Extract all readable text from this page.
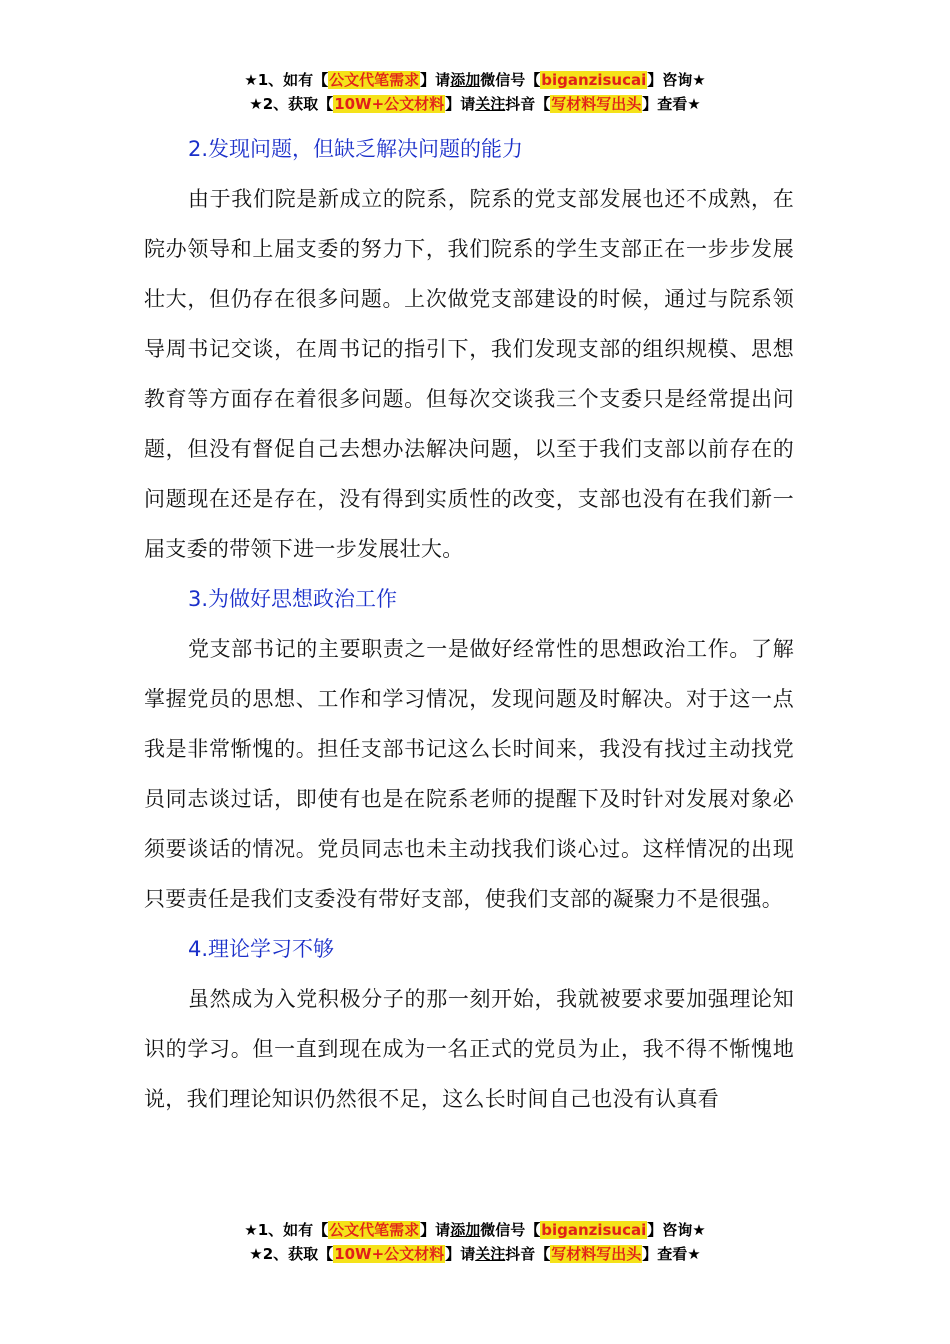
★1、如有【公文代笔需求】请添加微信号【biganzisucai】咨询★
★2、获取【10W+公文材料】请关注抖音【写材料写出头】查看★

2.发现问题，但缺乏解决问题的能力

由于我们院是新成立的院系，院系的党支部发展也还不成熟，在院办领导和上届支委的努力下，我们院系的学生支部正在一步步发展壮大，但仍存在很多问题。上次做党支部建设的时候，通过与院系领导周书记交谈，在周书记的指引下，我们发现支部的组织规模、思想教育等方面存在着很多问题。但每次交谈我三个支委只是经常提出问题，但没有督促自己去想办法解决问题，以至于我们支部以前存在的问题现在还是存在，没有得到实质性的改变，支部也没有在我们新一届支委的带领下进一步发展壮大。

3.为做好思想政治工作

党支部书记的主要职责之一是做好经常性的思想政治工作。了解掌握党员的思想、工作和学习情况，发现问题及时解决。对于这一点我是非常惭愧的。担任支部书记这么长时间来，我没有找过主动找党员同志谈过话，即使有也是在院系老师的提醒下及时针对发展对象必须要谈话的情况。党员同志也未主动找我们谈心过。这样情况的出现只要责任是我们支委没有带好支部，使我们支部的凝聚力不是很强。

4.理论学习不够

虽然成为入党积极分子的那一刻开始，我就被要求要加强理论知识的学习。但一直到现在成为一名正式的党员为止，我不得不惭愧地说，我们理论知识仍然很不足，这么长时间自己也没有认真看

★1、如有【公文代笔需求】请添加微信号【biganzisucai】咨询★
★2、获取【10W+公文材料】请关注抖音【写材料写出头】查看★
